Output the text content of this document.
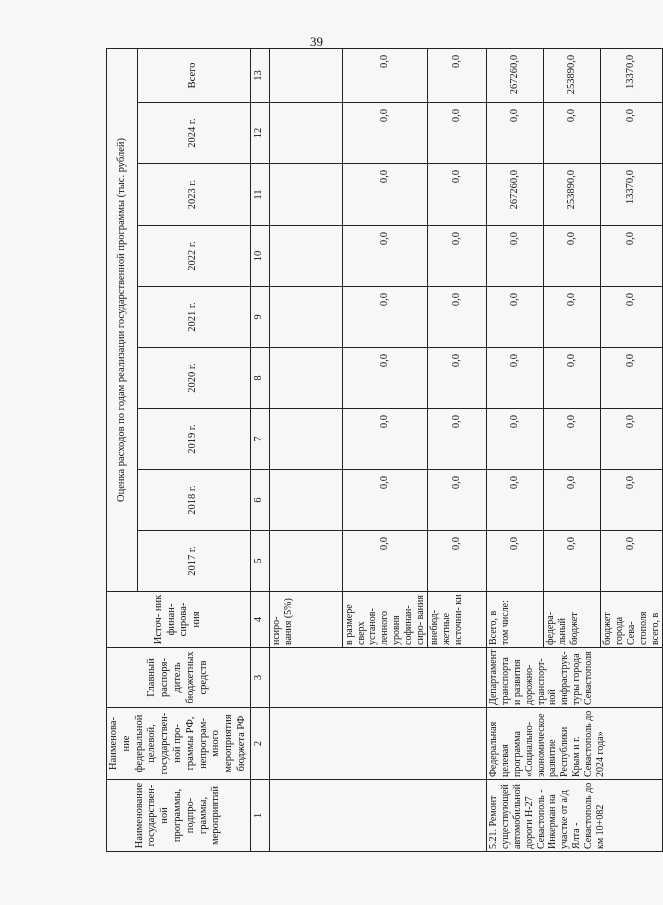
39
Наименование государствен- ной программы, подпро- граммы, мероприятий	Наименова- ние федеральной целевой, государствен- ной про- граммы РФ, непрограм- много мероприятия бюджета РФ	Главный распоря- дитель бюджетных средств	Источ- ник финан- сирова- ния	Оценка расходов по годам реализации государственной программы (тыс. рублей)								
				2017 г.	2018 г.	2019 г.	2020 г.	2021 г.	2022 г.	2023 г.	2024 г.	Всего
1	2	3	4	5	6	7	8	9	10	11	12	13
			нсиро- вания (5%)									
			в размере сверх установ- ленного уровня софинан- сиро- вания	0,0	0,0	0,0	0,0	0,0	0,0	0,0	0,0	0,0
			внебюд- жетные источни- ки	0,0	0,0	0,0	0,0	0,0	0,0	0,0	0,0	0,0
5.21. Ремонт существующей автомобильной дороги Н-27 Севастополь - Инкерман на участке от а/д Ялта - Севастополь до км 10+082	Федеральная целевая программа «Социально- экономическое развитие Республики Крым и г. Севастополь до 2024 года»	Департамент транспорта и развития дорожно- транспорт- ной инфраструк- туры города Севастополя	Всего, в том числе:	0,0	0,0	0,0	0,0	0,0	0,0	267260,0	0,0	267260,0
			федера- льный бюджет	0,0	0,0	0,0	0,0	0,0	0,0	253890,0	0,0	253890,0
			бюджет города Сева- стополя всего, в	0,0	0,0	0,0	0,0	0,0	0,0	13370,0	0,0	13370,0
